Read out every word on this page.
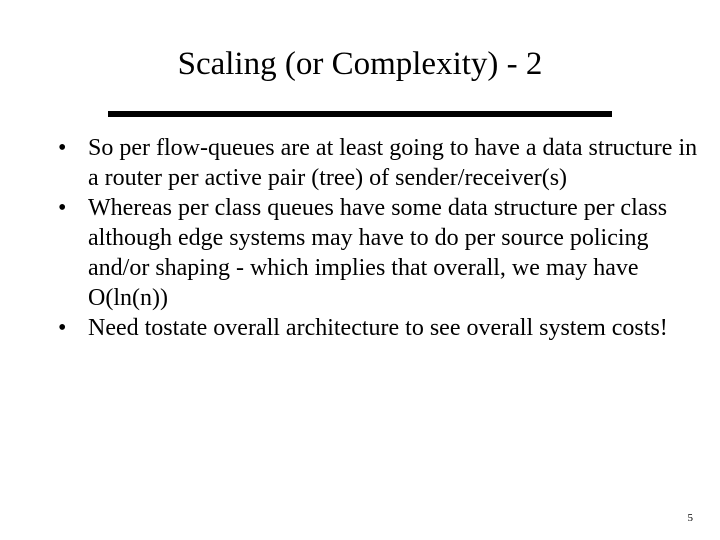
Scaling (or Complexity) - 2
• So per flow-queues are at least going to have a data structure in a router per active pair (tree) of sender/receiver(s)
• Whereas per class queues have some data structure per class although edge systems may have to do per source policing and/or shaping - which implies that overall, we may have O(ln(n))
• Need tostate overall architecture to see overall system costs!
5
